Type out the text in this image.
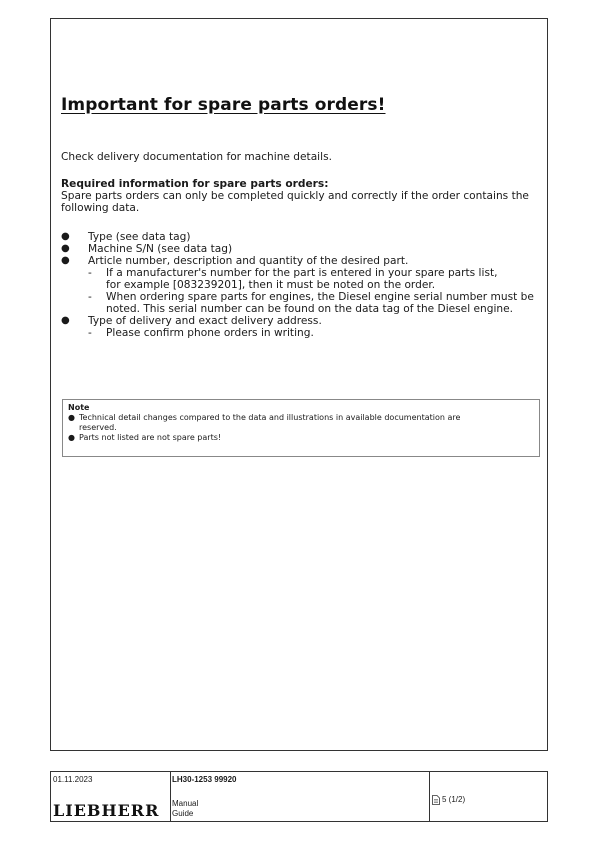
Important for spare parts orders!

Check delivery documentation for machine details.

Required information for spare parts orders:

Spare parts orders can only be completed quickly and correctly if the order contains the following data.

● Type (see data tag)
● Machine S/N (see data tag)
● Article number, description and quantity of the desired part.
- If a manufacturer's number for the part is entered in your spare parts list,
for example [083239201], then it must be noted on the order.
- When ordering spare parts for engines, the Diesel engine serial number must be
noted. This serial number can be found on the data tag of the Diesel engine.
● Type of delivery and exact delivery address.
- Please confirm phone orders in writing.

Note

● Technical detail changes compared to the data and illustrations in available documentation are
reserved.
● Parts not listed are not spare parts!
01.11.2023	LH30-1253 99920
5 (1/2)
Manual
Guide
LIEBHERR
